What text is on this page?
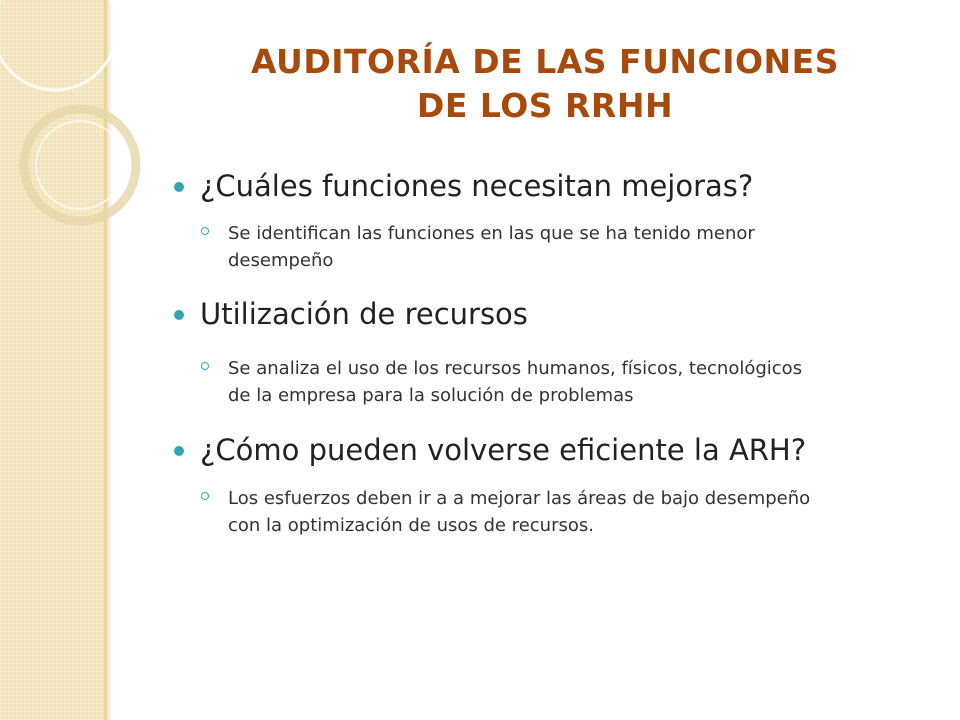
AUDITORÍA DE LAS FUNCIONES
DE LOS RRHH
¿Cuáles funciones necesitan mejoras?
Se identifican las funciones en las que se ha tenido menor
desempeño
Utilización de recursos
Se analiza el uso de los recursos humanos, físicos, tecnológicos
de la empresa para la solución de problemas
¿Cómo pueden volverse eficiente la ARH?
Los esfuerzos deben ir a a mejorar las áreas de bajo desempeño
con la optimización de usos de recursos.
